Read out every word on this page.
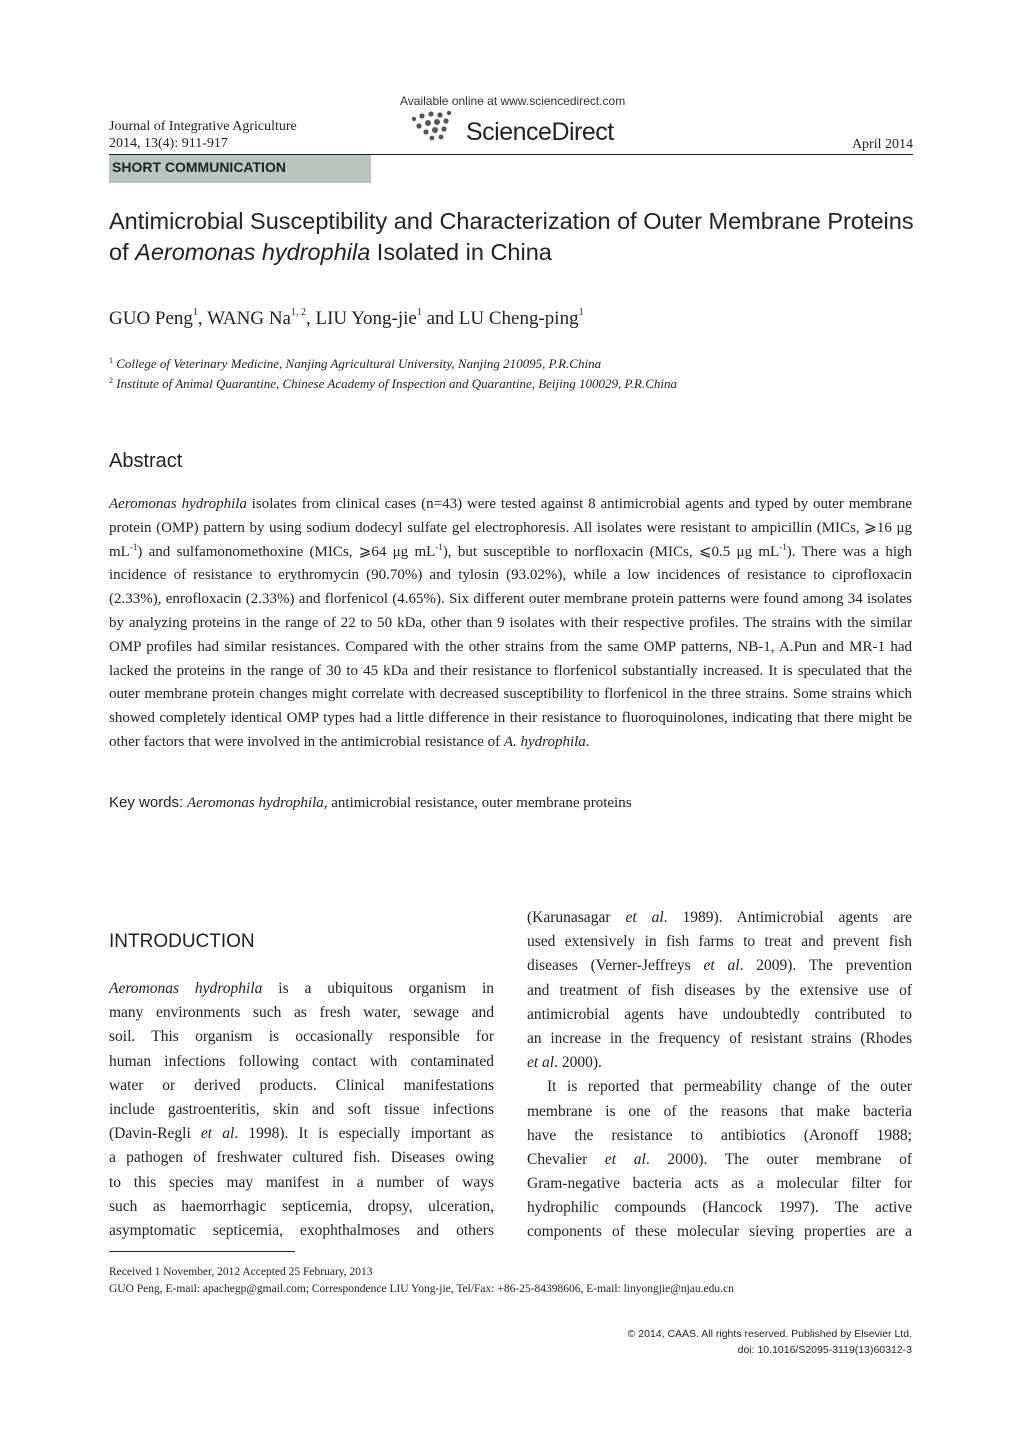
Available online at www.sciencedirect.com
ScienceDirect
Journal of Integrative Agriculture
2014, 13(4): 911-917	April 2014
SHORT COMMUNICATION
Antimicrobial Susceptibility and Characterization of Outer Membrane Proteins of Aeromonas hydrophila Isolated in China
GUO Peng$^1$, WANG Na$^{1, 2}$, LIU Yong-jie$^1$ and LU Cheng-ping$^1$
$^1$ College of Veterinary Medicine, Nanjing Agricultural University, Nanjing 210095, P.R.China
$^2$ Institute of Animal Quarantine, Chinese Academy of Inspection and Quarantine, Beijing 100029, P.R.China
Abstract
Aeromonas hydrophila isolates from clinical cases (n=43) were tested against 8 antimicrobial agents and typed by outer membrane protein (OMP) pattern by using sodium dodecyl sulfate gel electrophoresis. All isolates were resistant to ampicillin (MICs, ⩾16 μg $mL^{-1}$) and sulfamonomethoxine (MICs, ⩾64 μg $mL^{-1}$), but susceptible to norfloxacin (MICs, ⩽0.5 μg $mL^{-1}$). There was a high incidence of resistance to erythromycin (90.70%) and tylosin (93.02%), while a low incidences of resistance to ciprofloxacin (2.33%), enrofloxacin (2.33%) and florfenicol (4.65%). Six different outer membrane protein patterns were found among 34 isolates by analyzing proteins in the range of 22 to 50 kDa, other than 9 isolates with their respective profiles. The strains with the similar OMP profiles had similar resistances. Compared with the other strains from the same OMP patterns, NB-1, A.Pun and MR-1 had lacked the proteins in the range of 30 to 45 kDa and their resistance to florfenicol substantially increased. It is speculated that the outer membrane protein changes might correlate with decreased susceptibility to florfenicol in the three strains. Some strains which showed completely identical OMP types had a little difference in their resistance to fluoroquinolones, indicating that there might be other factors that were involved in the antimicrobial resistance of A. hydrophila.
Key words: Aeromonas hydrophila, antimicrobial resistance, outer membrane proteins
INTRODUCTION
Aeromonas hydrophila is a ubiquitous organism in
many environments such as fresh water, sewage and
soil. This organism is occasionally responsible for
human infections following contact with contaminated
water or derived products. Clinical manifestations
include gastroenteritis, skin and soft tissue infections
(Davin-Regli et al. 1998). It is especially important as
a pathogen of freshwater cultured fish. Diseases owing
to this species may manifest in a number of ways
such as haemorrhagic septicemia, dropsy, ulceration,
asymptomatic septicemia, exophthalmoses and others
(Karunasagar et al. 1989). Antimicrobial agents are
used extensively in fish farms to treat and prevent fish
diseases (Verner-Jeffreys et al. 2009). The prevention
and treatment of fish diseases by the extensive use of
antimicrobial agents have undoubtedly contributed to
an increase in the frequency of resistant strains (Rhodes
et al. 2000).
It is reported that permeability change of the outer
membrane is one of the reasons that make bacteria
have the resistance to antibiotics (Aronoff 1988;
Chevalier et al. 2000). The outer membrane of
Gram-negative bacteria acts as a molecular filter for
hydrophilic compounds (Hancock 1997). The active
components of these molecular sieving properties are a
Received 1 November, 2012 Accepted 25 February, 2013
GUO Peng, E-mail: apachegp@gmail.com; Correspondence LIU Yong-jie, Tel/Fax: +86-25-84398606, E-mail: linyongjie@njau.edu.cn
© 2014, CAAS. All rights reserved. Published by Elsevier Ltd.
doi: 10.1016/S2095-3119(13)60312-3
